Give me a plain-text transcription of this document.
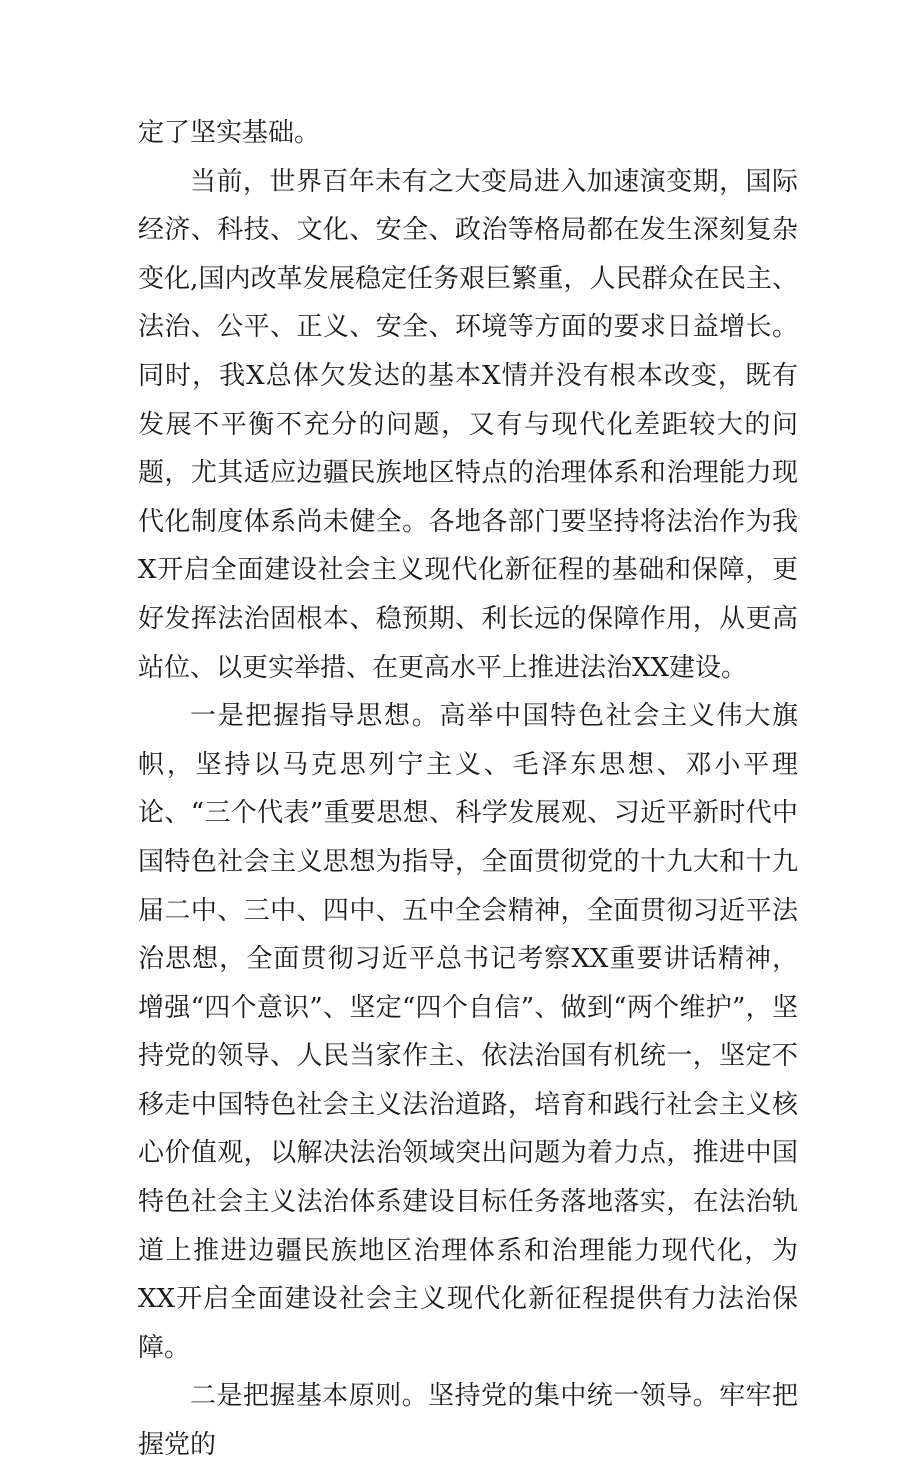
定了坚实基础。

当前，世界百年未有之大变局进入加速演变期，国际经济、科技、文化、安全、政治等格局都在发生深刻复杂变化,国内改革发展稳定任务艰巨繁重，人民群众在民主、法治、公平、正义、安全、环境等方面的要求日益增长。同时，我X总体欠发达的基本X情并没有根本改变，既有发展不平衡不充分的问题，又有与现代化差距较大的问题，尤其适应边疆民族地区特点的治理体系和治理能力现代化制度体系尚未健全。各地各部门要坚持将法治作为我X开启全面建设社会主义现代化新征程的基础和保障，更好发挥法治固根本、稳预期、利长远的保障作用，从更高站位、以更实举措、在更高水平上推进法治XX建设。

一是把握指导思想。高举中国特色社会主义伟大旗帜，坚持以马克思列宁主义、毛泽东思想、邓小平理论、“三个代表”重要思想、科学发展观、习近平新时代中国特色社会主义思想为指导，全面贯彻党的十九大和十九届二中、三中、四中、五中全会精神，全面贯彻习近平法治思想，全面贯彻习近平总书记考察XX重要讲话精神，增强“四个意识”、坚定“四个自信”、做到“两个维护”，坚持党的领导、人民当家作主、依法治国有机统一，坚定不移走中国特色社会主义法治道路，培育和践行社会主义核心价值观，以解决法治领域突出问题为着力点，推进中国特色社会主义法治体系建设目标任务落地落实，在法治轨道上推进边疆民族地区治理体系和治理能力现代化，为XX开启全面建设社会主义现代化新征程提供有力法治保障。

二是把握基本原则。坚持党的集中统一领导。牢牢把握党的
